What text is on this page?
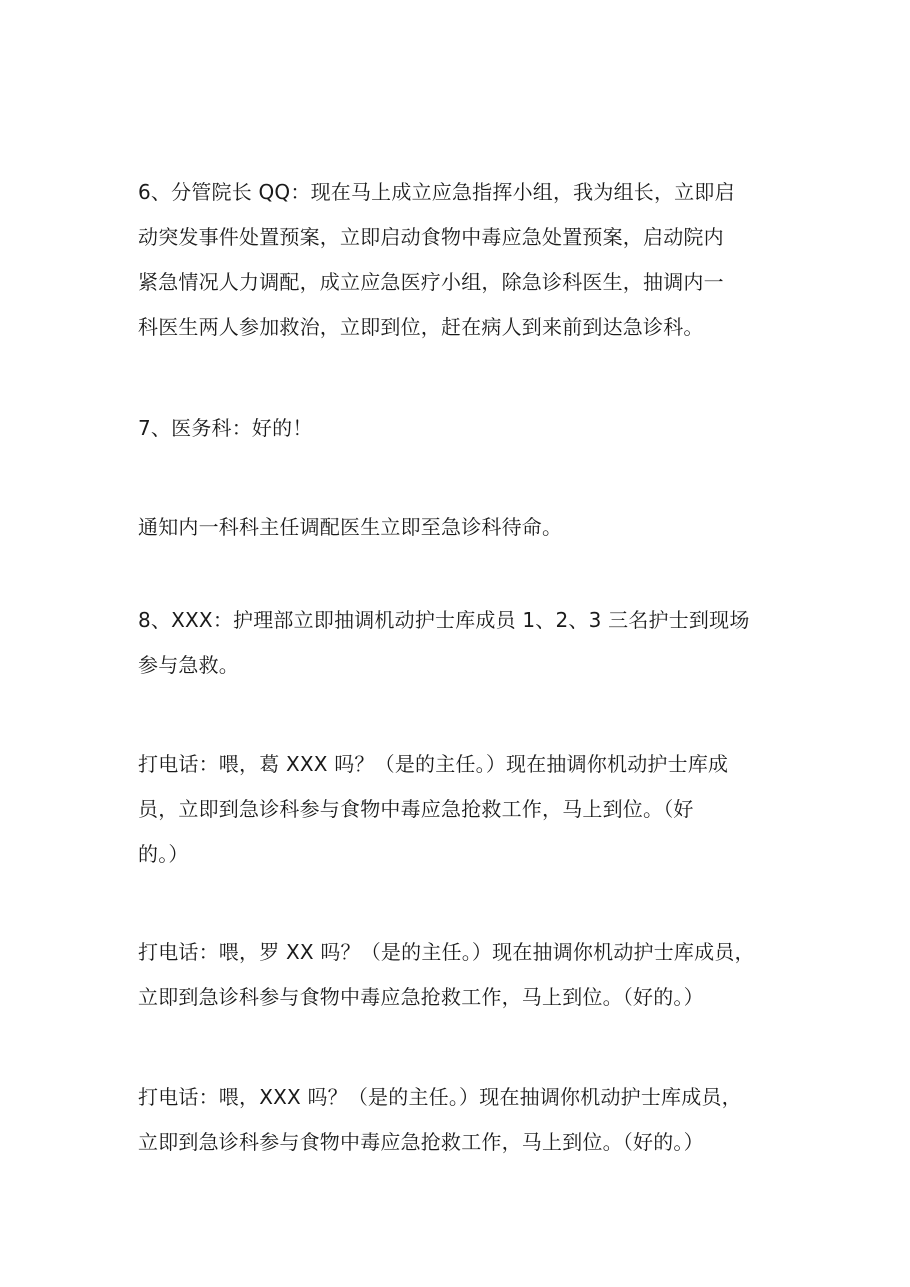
6、分管院长 QQ：现在马上成立应急指挥小组，我为组长，立即启
动突发事件处置预案，立即启动食物中毒应急处置预案，启动院内
紧急情况人力调配，成立应急医疗小组，除急诊科医生，抽调内一
科医生两人参加救治，立即到位，赶在病人到来前到达急诊科。

7、医务科：好的！

通知内一科科主任调配医生立即至急诊科待命。

8、XXX：护理部立即抽调机动护士库成员 1、2、3 三名护士到现场
参与急救。

打电话：喂，葛 XXX 吗？（是的主任。）现在抽调你机动护士库成
员，立即到急诊科参与食物中毒应急抢救工作，马上到位。（好
的。）

打电话：喂，罗 XX 吗？（是的主任。）现在抽调你机动护士库成员，
立即到急诊科参与食物中毒应急抢救工作，马上到位。（好的。）

打电话：喂，XXX 吗？（是的主任。）现在抽调你机动护士库成员，
立即到急诊科参与食物中毒应急抢救工作，马上到位。（好的。）
